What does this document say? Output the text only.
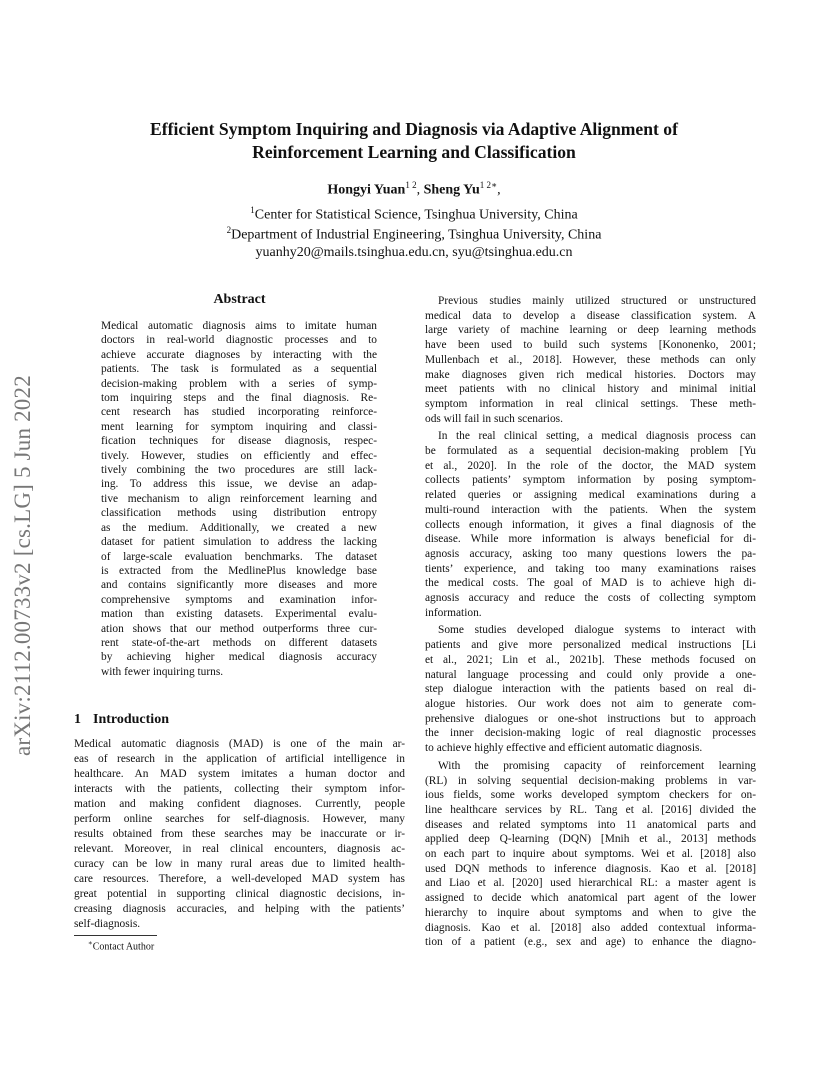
Efficient Symptom Inquiring and Diagnosis via Adaptive Alignment of
Reinforcement Learning and Classification
Hongyi Yuan$^{1 2}$, Sheng $Yu^{1 2∗}$,
$^1$Center for Statistical Science, Tsinghua University, China
$^2$Department of Industrial Engineering, Tsinghua University, China
yuanhy20@mails.tsinghua.edu.cn, syu@tsinghua.edu.cn
arXiv:2112.00733v2 [cs.LG] 5 Jun 2022
Abstract
Medical automatic diagnosis aims to imitate human
doctors in real-world diagnostic processes and to
achieve accurate diagnoses by interacting with the
patients. The task is formulated as a sequential
decision-making problem with a series of symp-
tom inquiring steps and the final diagnosis. Re-
cent research has studied incorporating reinforce-
ment learning for symptom inquiring and classi-
fication techniques for disease diagnosis, respec-
tively. However, studies on efficiently and effec-
tively combining the two procedures are still lack-
ing. To address this issue, we devise an adap-
tive mechanism to align reinforcement learning and
classification methods using distribution entropy
as the medium. Additionally, we created a new
dataset for patient simulation to address the lacking
of large-scale evaluation benchmarks. The dataset
is extracted from the MedlinePlus knowledge base
and contains significantly more diseases and more
comprehensive symptoms and examination infor-
mation than existing datasets. Experimental evalu-
ation shows that our method outperforms three cur-
rent state-of-the-art methods on different datasets
by achieving higher medical diagnosis accuracy
with fewer inquiring turns.
1 Introduction
Medical automatic diagnosis (MAD) is one of the main ar-
eas of research in the application of artificial intelligence in
healthcare. An MAD system imitates a human doctor and
interacts with the patients, collecting their symptom infor-
mation and making confident diagnoses. Currently, people
perform online searches for self-diagnosis. However, many
results obtained from these searches may be inaccurate or ir-
relevant. Moreover, in real clinical encounters, diagnosis ac-
curacy can be low in many rural areas due to limited health-
care resources. Therefore, a well-developed MAD system has
great potential in supporting clinical diagnostic decisions, in-
creasing diagnosis accuracies, and helping with the patients’
self-diagnosis.
∗Contact Author
Previous studies mainly utilized structured or unstructured
medical data to develop a disease classification system. A
large variety of machine learning or deep learning methods
have been used to build such systems [Kononenko, 2001;
Mullenbach et al., 2018]. However, these methods can only
make diagnoses given rich medical histories. Doctors may
meet patients with no clinical history and minimal initial
symptom information in real clinical settings. These meth-
ods will fail in such scenarios.
In the real clinical setting, a medical diagnosis process can
be formulated as a sequential decision-making problem [Yu
et al., 2020]. In the role of the doctor, the MAD system
collects patients’ symptom information by posing symptom-
related queries or assigning medical examinations during a
multi-round interaction with the patients. When the system
collects enough information, it gives a final diagnosis of the
disease. While more information is always beneficial for di-
agnosis accuracy, asking too many questions lowers the pa-
tients’ experience, and taking too many examinations raises
the medical costs. The goal of MAD is to achieve high di-
agnosis accuracy and reduce the costs of collecting symptom
information.
Some studies developed dialogue systems to interact with
patients and give more personalized medical instructions [Li
et al., 2021; Lin et al., 2021b]. These methods focused on
natural language processing and could only provide a one-
step dialogue interaction with the patients based on real di-
alogue histories. Our work does not aim to generate com-
prehensive dialogues or one-shot instructions but to approach
the inner decision-making logic of real diagnostic processes
to achieve highly effective and efficient automatic diagnosis.
With the promising capacity of reinforcement learning
(RL) in solving sequential decision-making problems in var-
ious fields, some works developed symptom checkers for on-
line healthcare services by RL. Tang et al. [2016] divided the
diseases and related symptoms into 11 anatomical parts and
applied deep Q-learning (DQN) [Mnih et al., 2013] methods
on each part to inquire about symptoms. Wei et al. [2018] also
used DQN methods to inference diagnosis. Kao et al. [2018]
and Liao et al. [2020] used hierarchical RL: a master agent is
assigned to decide which anatomical part agent of the lower
hierarchy to inquire about symptoms and when to give the
diagnosis. Kao et al. [2018] also added contextual informa-
tion of a patient (e.g., sex and age) to enhance the diagno-
